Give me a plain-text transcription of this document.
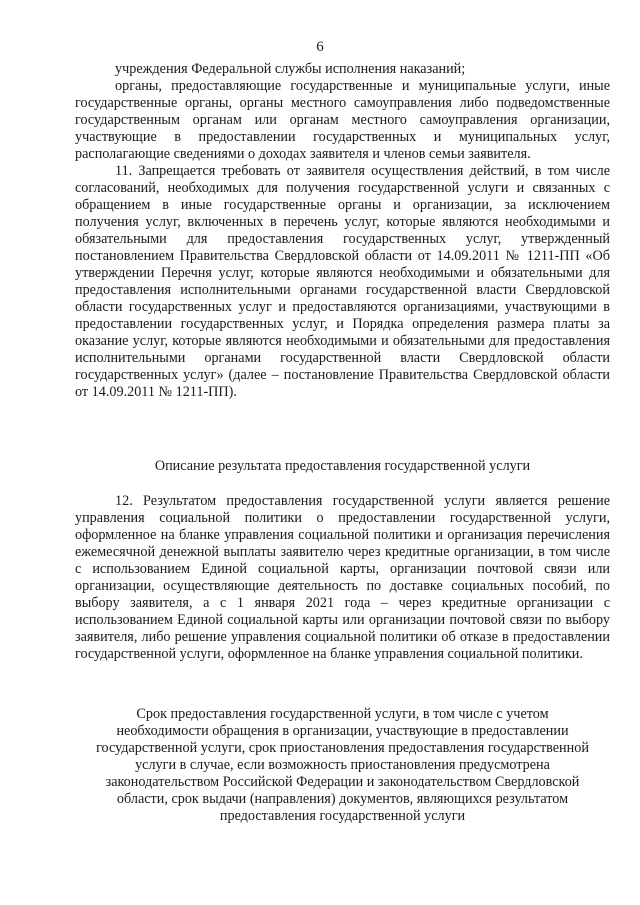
6

учреждения Федеральной службы исполнения наказаний;

органы, предоставляющие государственные и муниципальные услуги, иные государственные органы, органы местного самоуправления либо подведомственные государственным органам или органам местного самоуправления организации, участвующие в предоставлении государственных и муниципальных услуг, располагающие сведениями о доходах заявителя и членов семьи заявителя.

11. Запрещается требовать от заявителя осуществления действий, в том числе согласований, необходимых для получения государственной услуги и связанных с обращением в иные государственные органы и организации, за исключением получения услуг, включенных в перечень услуг, которые являются необходимыми и обязательными для предоставления государственных услуг, утвержденный постановлением Правительства Свердловской области от 14.09.2011 № 1211-ПП «Об утверждении Перечня услуг, которые являются необходимыми и обязательными для предоставления исполнительными органами государственной власти Свердловской области государственных услуг и предоставляются организациями, участвующими в предоставлении государственных услуг, и Порядка определения размера платы за оказание услуг, которые являются необходимыми и обязательными для предоставления исполнительными органами государственной власти Свердловской области государственных услуг» (далее – постановление Правительства Свердловской области от 14.09.2011 № 1211-ПП).

Описание результата предоставления государственной услуги

12. Результатом предоставления государственной услуги является решение управления социальной политики о предоставлении государственной услуги, оформленное на бланке управления социальной политики и организация перечисления ежемесячной денежной выплаты заявителю через кредитные организации, в том числе с использованием Единой социальной карты, организации почтовой связи или организации, осуществляющие деятельность по доставке социальных пособий, по выбору заявителя, а с 1 января 2021 года – через кредитные организации с использованием Единой социальной карты или организации почтовой связи по выбору заявителя, либо решение управления социальной политики об отказе в предоставлении государственной услуги, оформленное на бланке управления социальной политики.

Срок предоставления государственной услуги, в том числе с учетом

необходимости обращения в организации, участвующие в предоставлении

государственной услуги, срок приостановления предоставления государственной

услуги в случае, если возможность приостановления предусмотрена

законодательством Российской Федерации и законодательством Свердловской

области, срок выдачи (направления) документов, являющихся результатом

предоставления государственной услуги
